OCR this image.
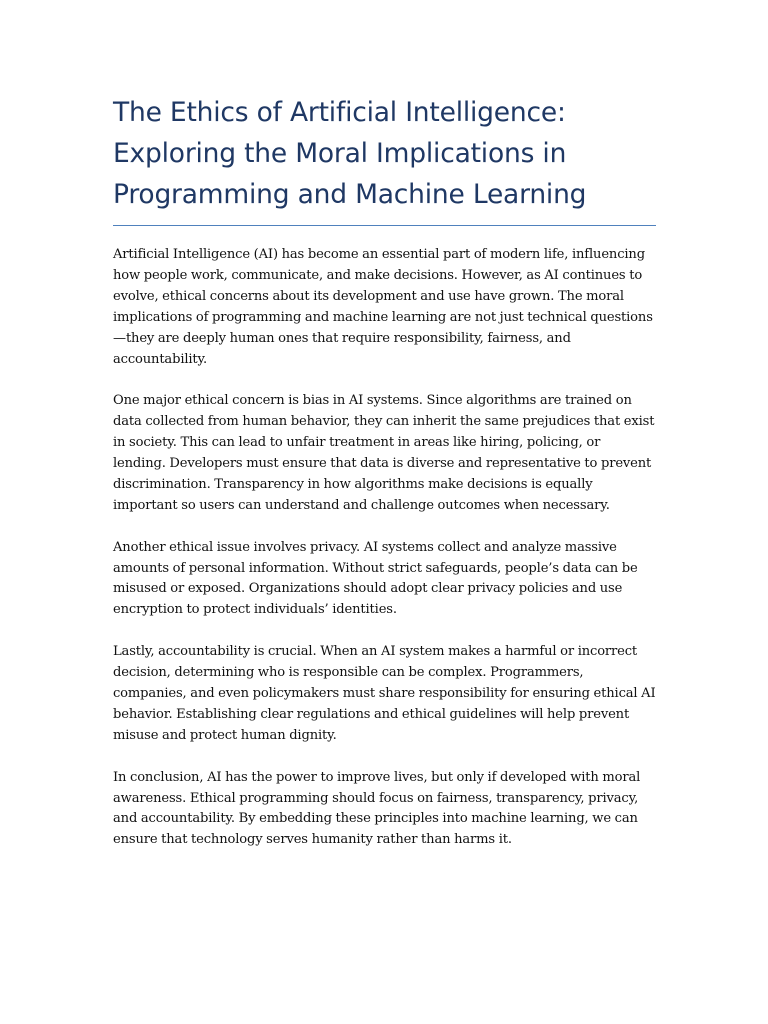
The Ethics of Artificial Intelligence: Exploring the Moral Implications in Programming and Machine Learning

Artificial Intelligence (AI) has become an essential part of modern life, influencing how people work, communicate, and make decisions. However, as AI continues to evolve, ethical concerns about its development and use have grown. The moral implications of programming and machine learning are not just technical questions—they are deeply human ones that require responsibility, fairness, and accountability.

One major ethical concern is bias in AI systems. Since algorithms are trained on data collected from human behavior, they can inherit the same prejudices that exist in society. This can lead to unfair treatment in areas like hiring, policing, or lending. Developers must ensure that data is diverse and representative to prevent discrimination. Transparency in how algorithms make decisions is equally important so users can understand and challenge outcomes when necessary.

Another ethical issue involves privacy. AI systems collect and analyze massive amounts of personal information. Without strict safeguards, people’s data can be misused or exposed. Organizations should adopt clear privacy policies and use encryption to protect individuals’ identities.

Lastly, accountability is crucial. When an AI system makes a harmful or incorrect decision, determining who is responsible can be complex. Programmers, companies, and even policymakers must share responsibility for ensuring ethical AI behavior. Establishing clear regulations and ethical guidelines will help prevent misuse and protect human dignity.

In conclusion, AI has the power to improve lives, but only if developed with moral awareness. Ethical programming should focus on fairness, transparency, privacy, and accountability. By embedding these principles into machine learning, we can ensure that technology serves humanity rather than harms it.
